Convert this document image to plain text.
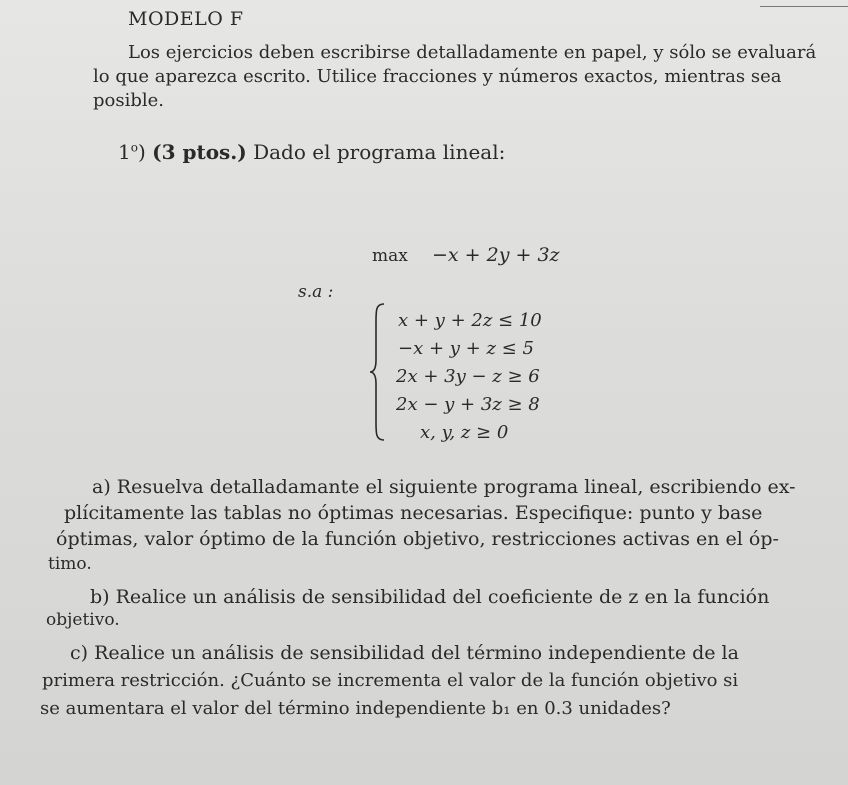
MODELO F
Los ejercicios deben escribirse detalladamente en papel, y sólo se evaluará
lo que aparezca escrito. Utilice fracciones y números exactos, mientras sea
posible.
1$^o$) (3 ptos.) Dado el programa lineal:
max −x + 2y + 3z
s.a :
x + y + 2z ≤ 10
−x + y + z ≤ 5
2x + 3y − z ≥ 6
2x − y + 3z ≥ 8
x, y, z ≥ 0
a) Resuelva detalladamante el siguiente programa lineal, escribiendo ex-
plícitamente las tablas no óptimas necesarias. Especifique: punto y base
óptimas, valor óptimo de la función objetivo, restricciones activas en el óp-
timo.
b) Realice un análisis de sensibilidad del coeficiente de z en la función
objetivo.
c) Realice un análisis de sensibilidad del término independiente de la
primera restricción. ¿Cuánto se incrementa el valor de la función objetivo si
se aumentara el valor del término independiente b₁ en 0.3 unidades?
